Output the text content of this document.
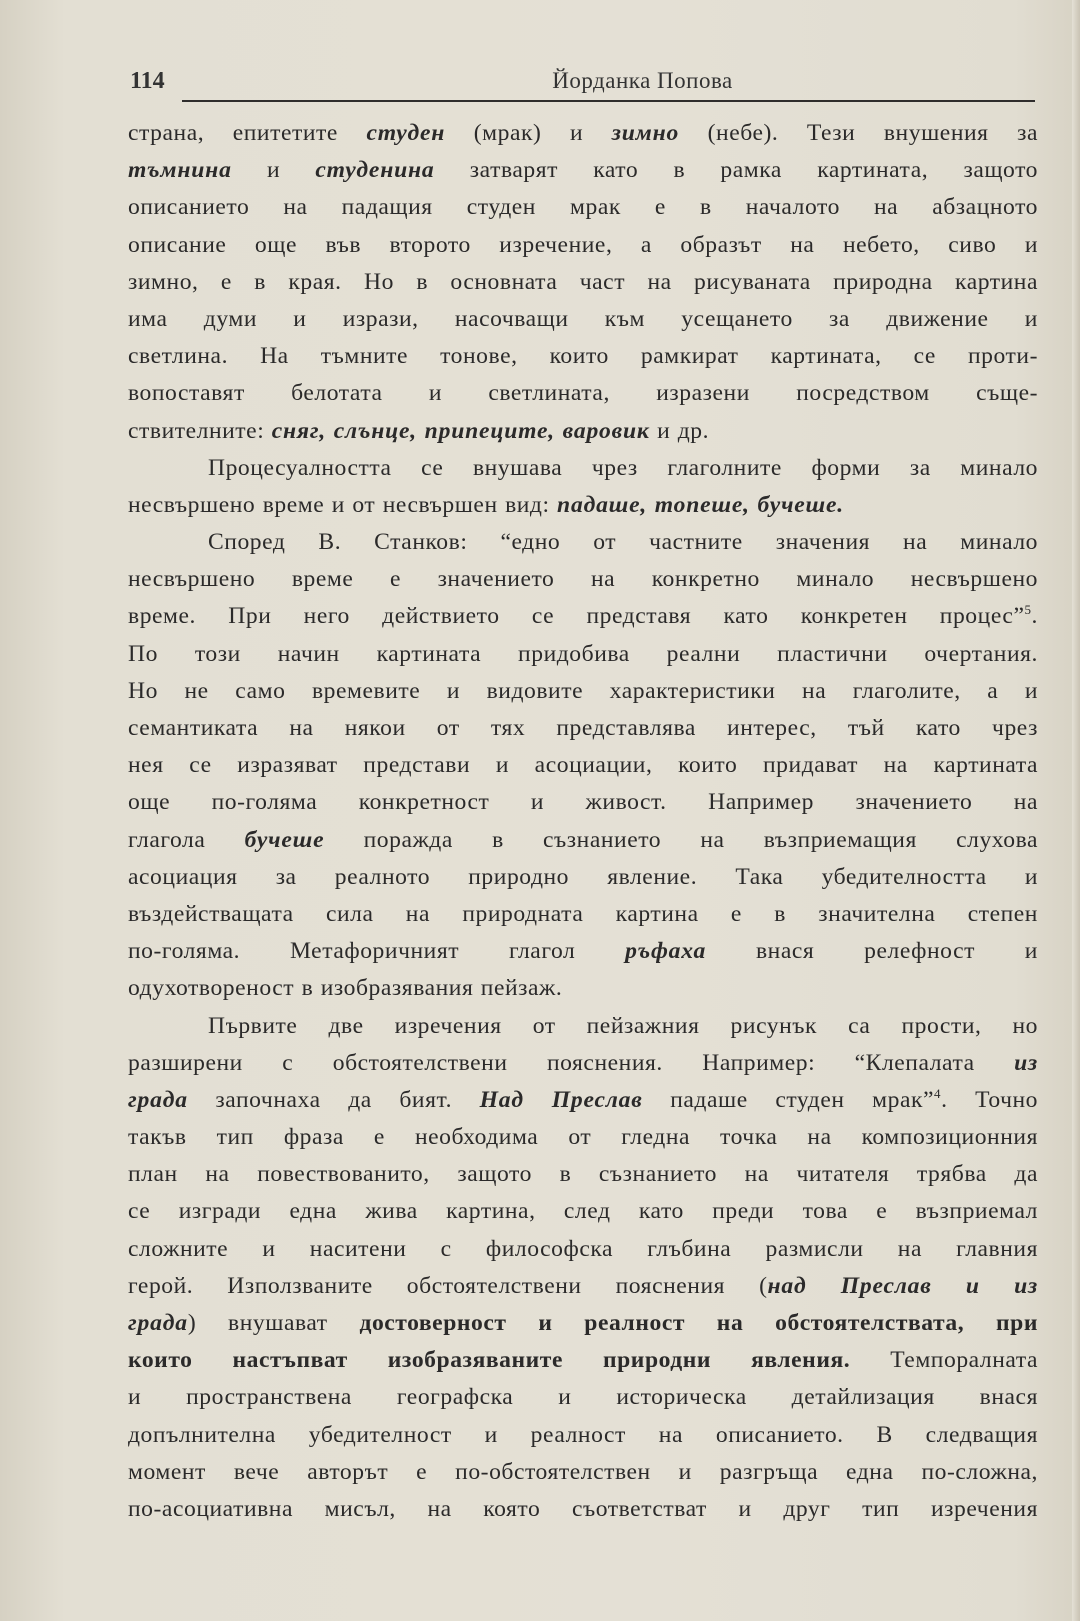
114	Йорданка Попова
страна, епитетите студен (мрак) и зимно (небе). Тези внушения за
тъмнина и студенина затварят като в рамка картината, защото
описанието на падащия студен мрак е в началото на абзацното
описание още във второто изречение, а образът на небето, сиво и
зимно, е в края. Но в основната част на рисуваната природна картина
има думи и изрази, насочващи към усещането за движение и
светлина. На тъмните тонове, които рамкират картината, се проти-
вопоставят белотата и светлината, изразени посредством съще-
ствителните: сняг, слънце, припеците, варовик и др.
Процесуалността се внушава чрез глаголните форми за минало
несвършено време и от несвършен вид: падаше, топеше, бучеше.
Според В. Станков: “едно от частните значения на минало
несвършено време е значението на конкретно минало несвършено
време. При него действието се представя като конкретен процес”$^5$.
По този начин картината придобива реални пластични очертания.
Но не само времевите и видовите характеристики на глаголите, а и
семантиката на някои от тях представлява интерес, тъй като чрез
нея се изразяват представи и асоциации, които придават на картината
още по-голяма конкретност и живост. Например значението на
глагола бучеше поражда в съзнанието на възприемащия слухова
асоциация за реалното природно явление. Така убедителността и
въздействащата сила на природната картина е в значителна степен
по-голяма. Метафоричният глагол ръфаха внася релефност и
одухотвореност в изобразявания пейзаж.
Първите две изречения от пейзажния рисунък са прости, но
разширени с обстоятелствени пояснения. Например: “Клепалата из
града започнаха да бият. Над Преслав падаше студен мрак”$^4$. Точно
такъв тип фраза е необходима от гледна точка на композиционния
план на повествованито, защото в съзнанието на читателя трябва да
се изгради една жива картина, след като преди това е възприемал
сложните и наситени с философска глъбина размисли на главния
герой. Използваните обстоятелствени пояснения (над Преслав и из
града) внушават достоверност и реалност на обстоятелствата, при
които настъпват изобразяваните природни явления. Темпоралната
и пространствена географска и историческа детайлизация внася
допълнителна убедителност и реалност на описанието. В следващия
момент вече авторът е по-обстоятелствен и разгръща една по-сложна,
по-асоциативна мисъл, на която съответстват и друг тип изречения
